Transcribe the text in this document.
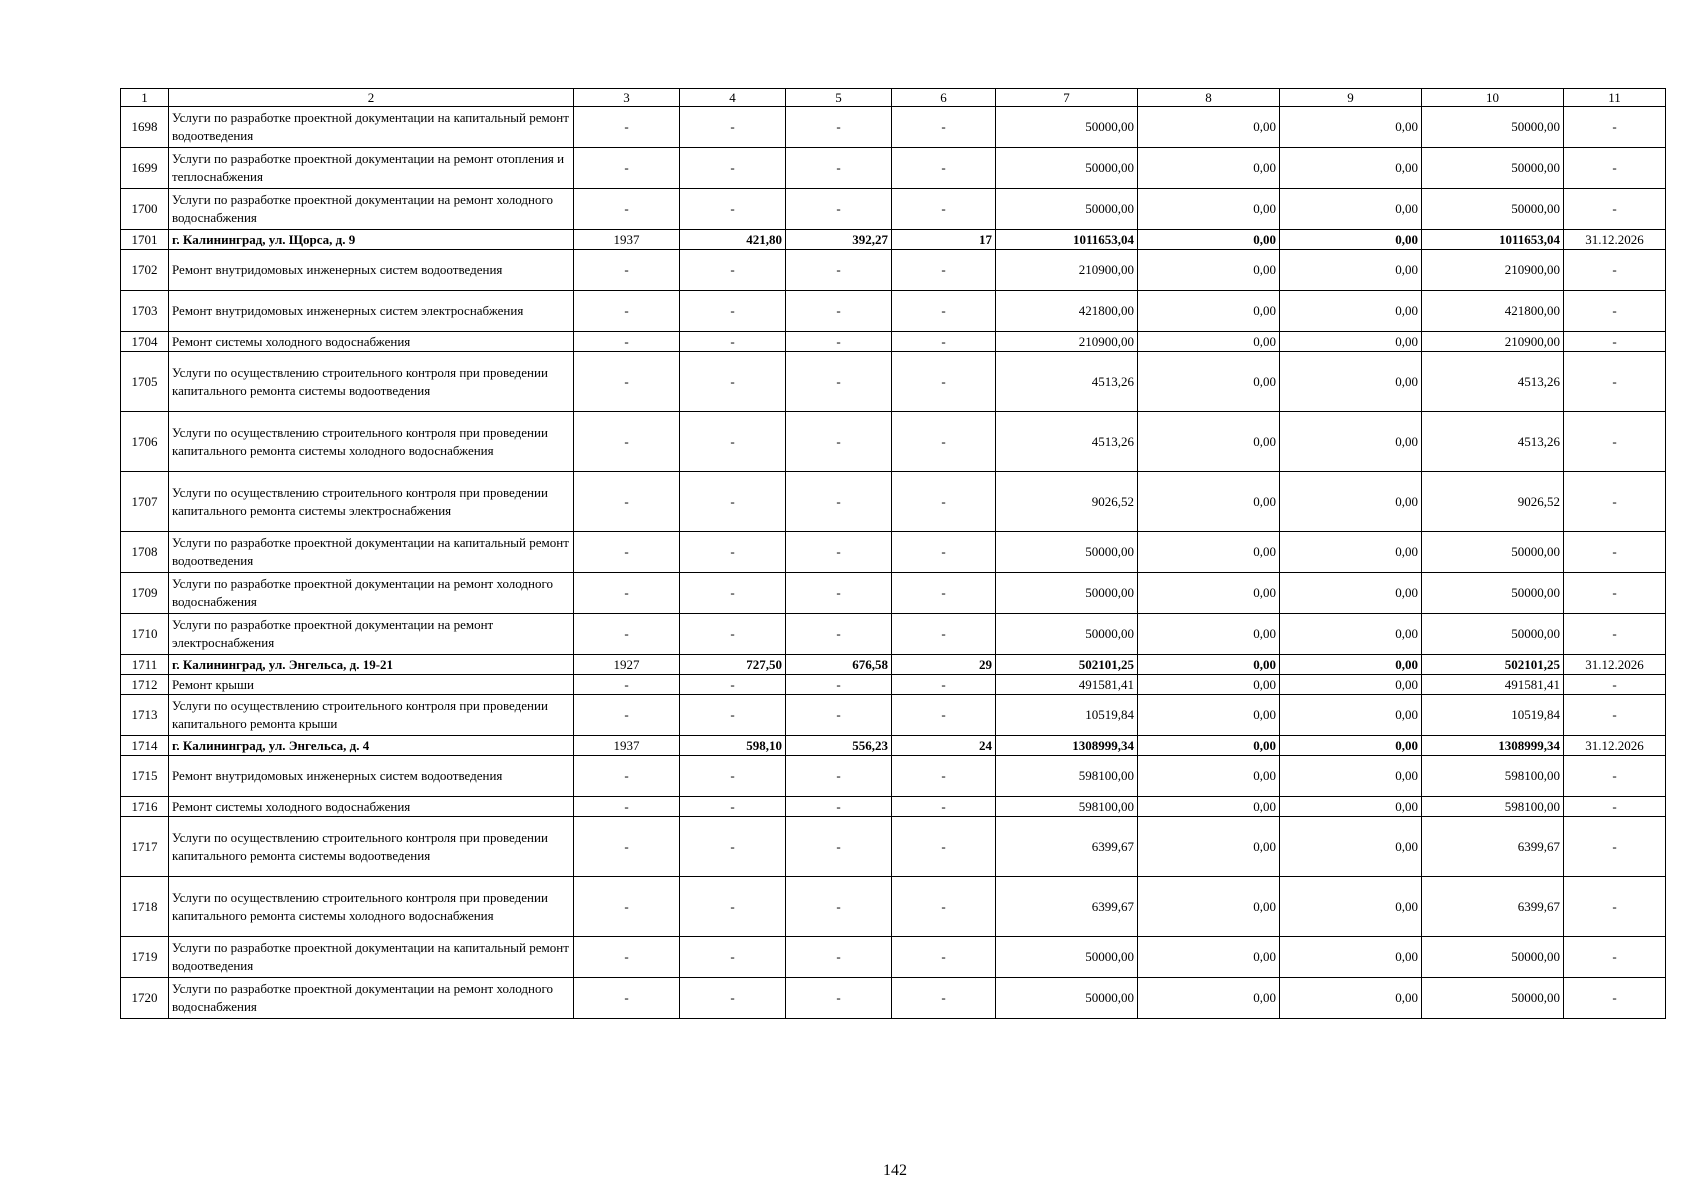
1	2	3	4	5	6	7	8	9	10	11
1698	Услуги по разработке проектной документации на капитальный ремонт водоотведения	-	-	-	-	50000,00	0,00	0,00	50000,00	-
1699	Услуги по разработке проектной документации на ремонт отопления и теплоснабжения	-	-	-	-	50000,00	0,00	0,00	50000,00	-
1700	Услуги по разработке проектной документации на ремонт холодного водоснабжения	-	-	-	-	50000,00	0,00	0,00	50000,00	-
1701	г. Калининград, ул. Щорса, д. 9	1937	421,80	392,27	17	1011653,04	0,00	0,00	1011653,04	31.12.2026
1702	Ремонт внутридомовых инженерных систем водоотведения	-	-	-	-	210900,00	0,00	0,00	210900,00	-
1703	Ремонт внутридомовых инженерных систем электроснабжения	-	-	-	-	421800,00	0,00	0,00	421800,00	-
1704	Ремонт системы холодного водоснабжения	-	-	-	-	210900,00	0,00	0,00	210900,00	-
1705	Услуги по осуществлению строительного контроля при проведении капитального ремонта системы водоотведения	-	-	-	-	4513,26	0,00	0,00	4513,26	-
1706	Услуги по осуществлению строительного контроля при проведении капитального ремонта системы холодного водоснабжения	-	-	-	-	4513,26	0,00	0,00	4513,26	-
1707	Услуги по осуществлению строительного контроля при проведении капитального ремонта системы электроснабжения	-	-	-	-	9026,52	0,00	0,00	9026,52	-
1708	Услуги по разработке проектной документации на капитальный ремонт водоотведения	-	-	-	-	50000,00	0,00	0,00	50000,00	-
1709	Услуги по разработке проектной документации на ремонт холодного водоснабжения	-	-	-	-	50000,00	0,00	0,00	50000,00	-
1710	Услуги по разработке проектной документации на ремонт электроснабжения	-	-	-	-	50000,00	0,00	0,00	50000,00	-
1711	г. Калининград, ул. Энгельса, д. 19-21	1927	727,50	676,58	29	502101,25	0,00	0,00	502101,25	31.12.2026
1712	Ремонт крыши	-	-	-	-	491581,41	0,00	0,00	491581,41	-
1713	Услуги по осуществлению строительного контроля при проведении капитального ремонта крыши	-	-	-	-	10519,84	0,00	0,00	10519,84	-
1714	г. Калининград, ул. Энгельса, д. 4	1937	598,10	556,23	24	1308999,34	0,00	0,00	1308999,34	31.12.2026
1715	Ремонт внутридомовых инженерных систем водоотведения	-	-	-	-	598100,00	0,00	0,00	598100,00	-
1716	Ремонт системы холодного водоснабжения	-	-	-	-	598100,00	0,00	0,00	598100,00	-
1717	Услуги по осуществлению строительного контроля при проведении капитального ремонта системы водоотведения	-	-	-	-	6399,67	0,00	0,00	6399,67	-
1718	Услуги по осуществлению строительного контроля при проведении капитального ремонта системы холодного водоснабжения	-	-	-	-	6399,67	0,00	0,00	6399,67	-
1719	Услуги по разработке проектной документации на капитальный ремонт водоотведения	-	-	-	-	50000,00	0,00	0,00	50000,00	-
1720	Услуги по разработке проектной документации на ремонт холодного водоснабжения	-	-	-	-	50000,00	0,00	0,00	50000,00	-
142
